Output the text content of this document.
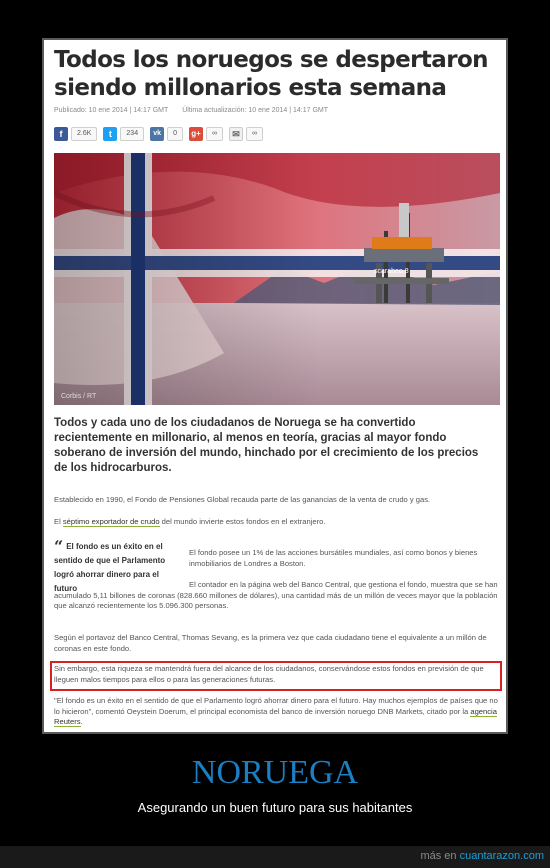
Todos los noruegos se despertaron siendo millonarios esta semana
Publicado: 10 ene 2014 | 14:17 GMT Última actualización: 10 ene 2014 | 14:17 GMT
f	2.6K	t	234	vk	0	g+	∞	✉	∞
scarabeo 8
Corbis / RT
Todos y cada uno de los ciudadanos de Noruega se ha convertido recientemente en millonario, al menos en teoría, gracias al mayor fondo soberano de inversión del mundo, hinchado por el crecimiento de los precios de los hidrocarburos.
Establecido en 1990, el Fondo de Pensiones Global recauda parte de las ganancias de la venta de crudo y gas.
El séptimo exportador de crudo del mundo invierte estos fondos en el extranjero.
“ El fondo es un éxito en el sentido de que el Parlamento logró ahorrar dinero para el futuro
El fondo posee un 1% de las acciones bursátiles mundiales, así como bonos y bienes inmobiliarios de Londres a Boston.
El contador en la página web del Banco Central, que gestiona el fondo, muestra que se han acumulado 5,11 billones de coronas (828.660 millones de dólares), una cantidad más de un millón de veces mayor que la población que alcanzó recientemente los 5.096.300 personas.
Según el portavoz del Banco Central, Thomas Sevang, es la primera vez que cada ciudadano tiene el equivalente a un millón de coronas en este fondo.
Sin embargo, esta riqueza se mantendrá fuera del alcance de los ciudadanos, conservándose estos fondos en previsión de que lleguen malos tiempos para ellos o para las generaciones futuras.
"El fondo es un éxito en el sentido de que el Parlamento logró ahorrar dinero para el futuro. Hay muchos ejemplos de países que no lo hicieron", comentó Oeystein Doerum, el principal economista del banco de inversión noruego DNB Markets, citado por la agencia Reuters.
NORUEGA
Asegurando un buen futuro para sus habitantes
más en cuantarazon.com
